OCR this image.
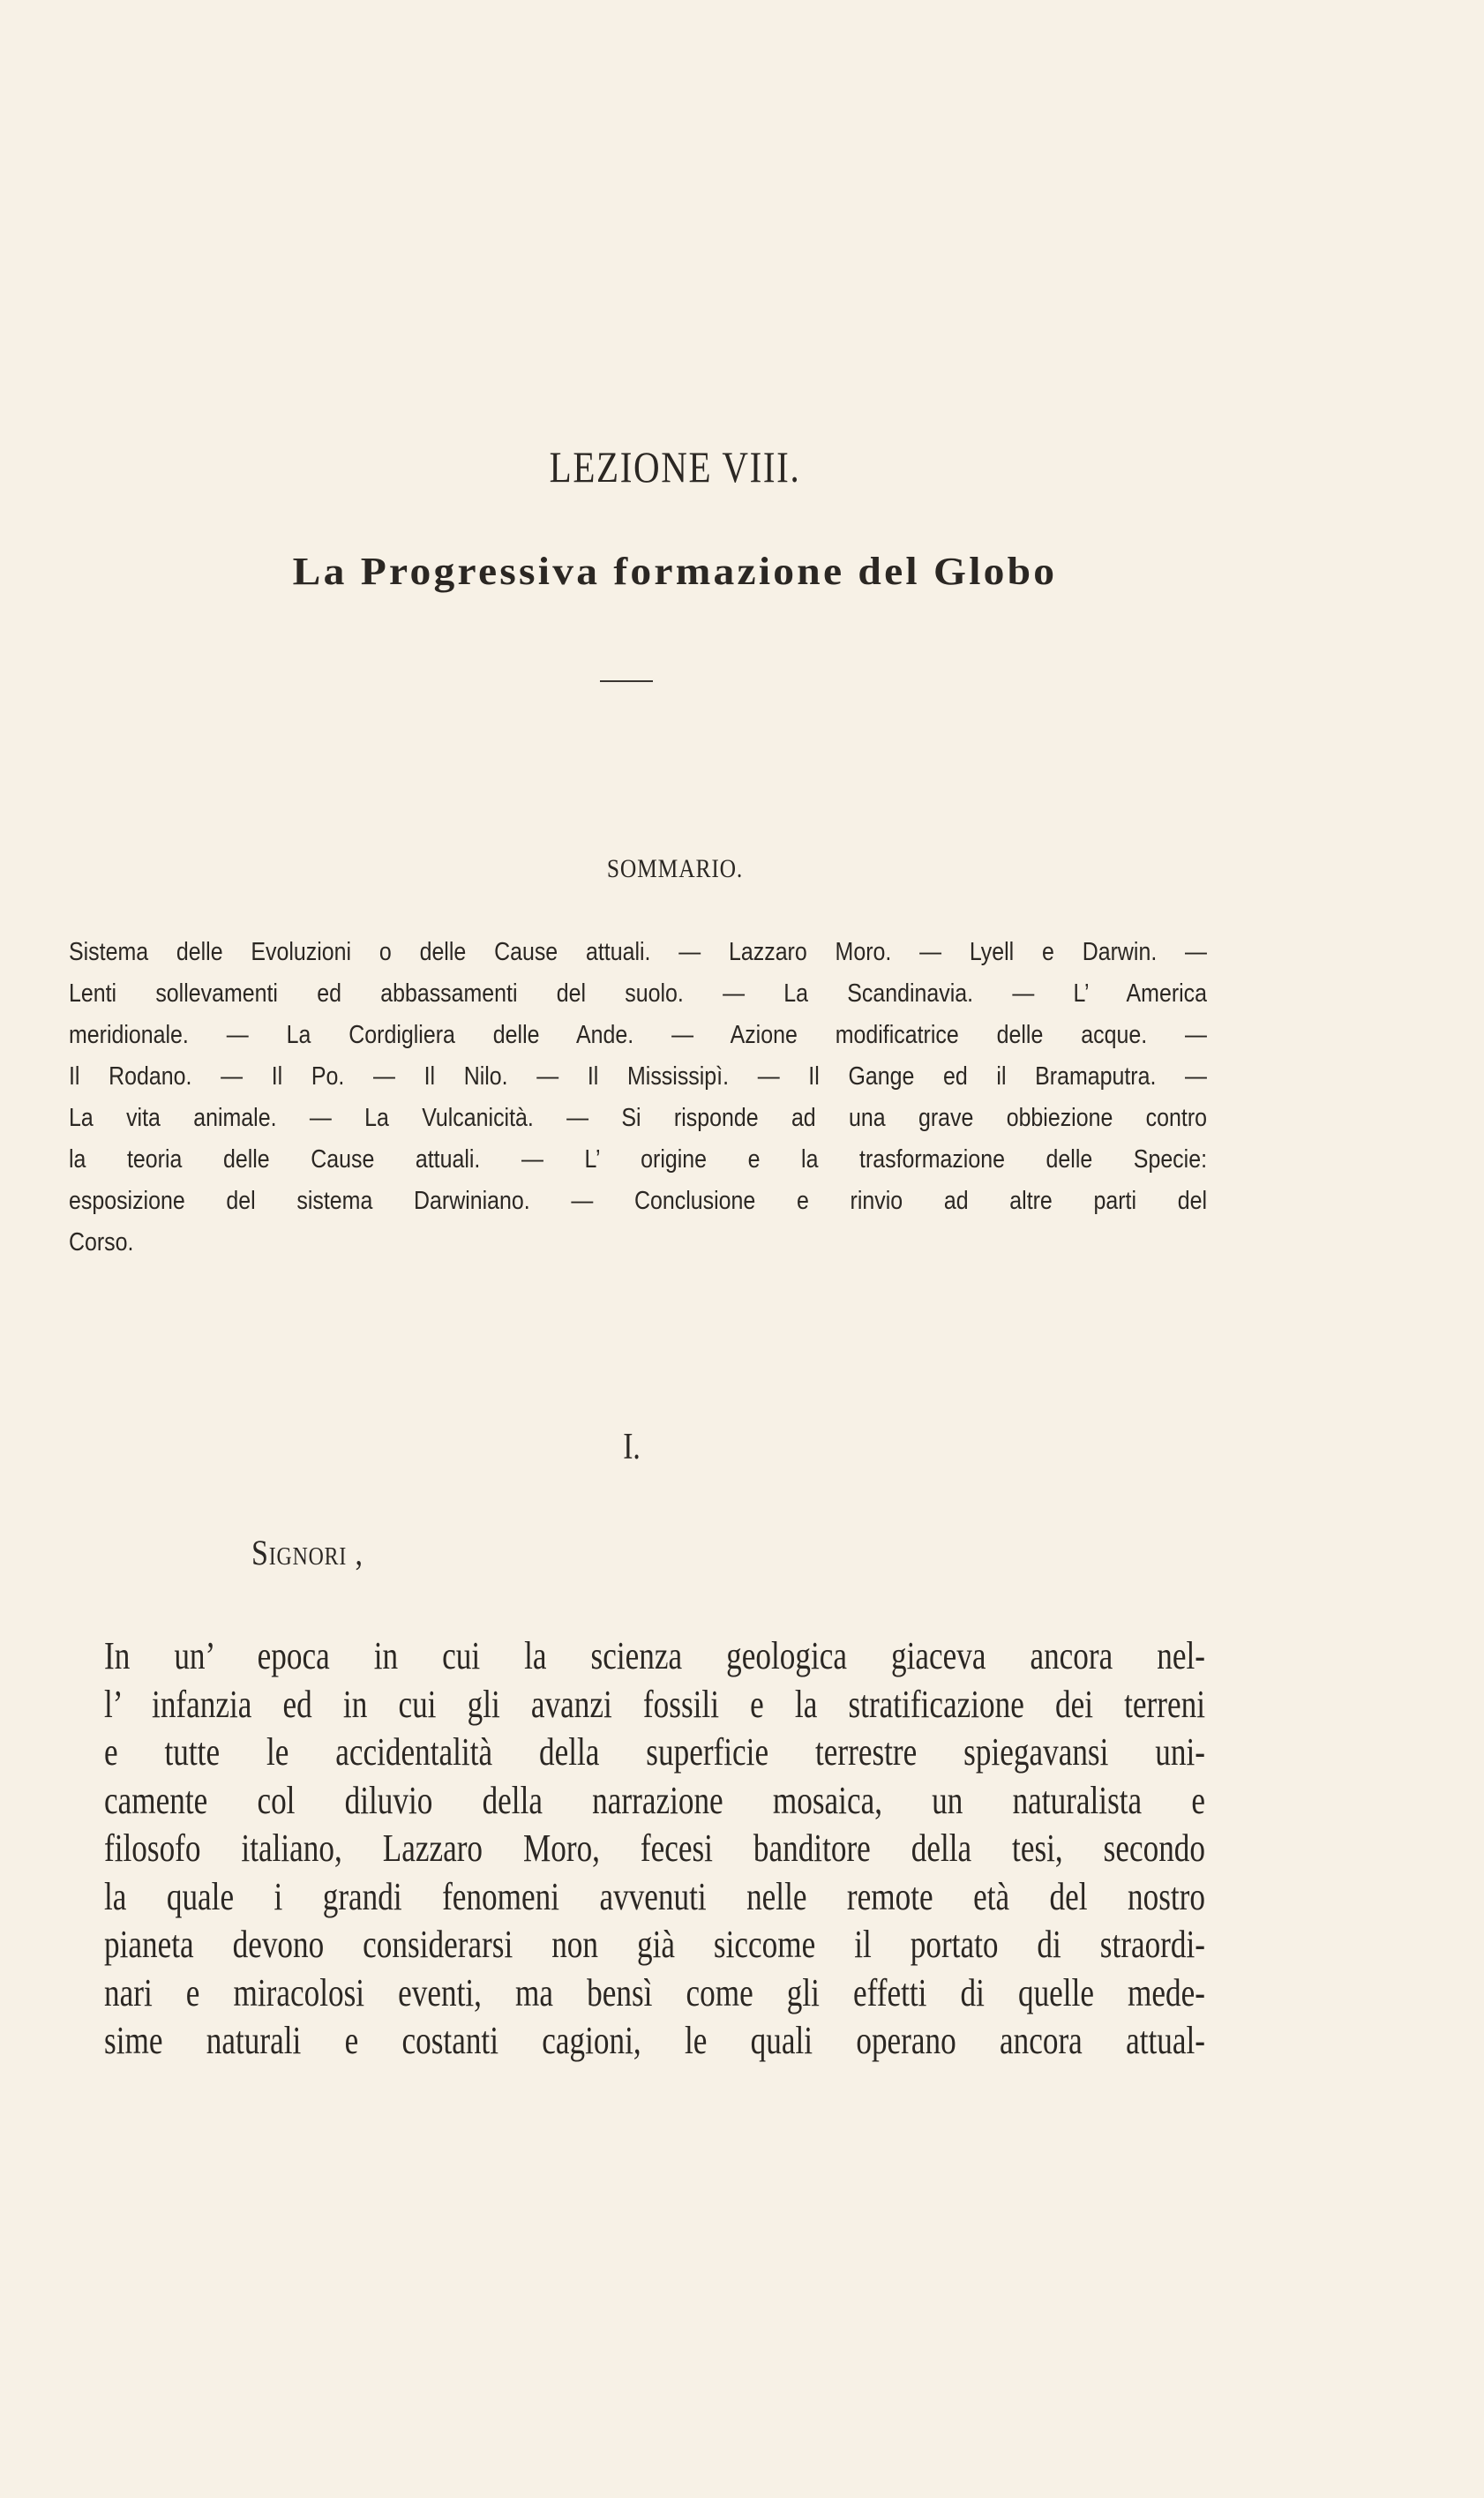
LEZIONE VIII.
La Progressiva formazione del Globo
SOMMARIO.
Sistema delle Evoluzioni o delle Cause attuali. — Lazzaro Moro. — Lyell e Darwin. —
Lenti sollevamenti ed abbassamenti del suolo. — La Scandinavia. — L’ America
meridionale. — La Cordigliera delle Ande. — Azione modificatrice delle acque. —
Il Rodano. — Il Po. — Il Nilo. — Il Mississipì. — Il Gange ed il Bramaputra. —
La vita animale. — La Vulcanicità. — Si risponde ad una grave obbiezione contro
la teoria delle Cause attuali. — L’ origine e la trasformazione delle Specie:
esposizione del sistema Darwiniano. — Conclusione e rinvio ad altre parti del
Corso.
I.
Signori ,
In un’ epoca in cui la scienza geologica giaceva ancora nel-
l’ infanzia ed in cui gli avanzi fossili e la stratificazione dei terreni
e tutte le accidentalità della superficie terrestre spiegavansi uni-
camente col diluvio della narrazione mosaica, un naturalista e
filosofo italiano, Lazzaro Moro, fecesi banditore della tesi, secondo
la quale i grandi fenomeni avvenuti nelle remote età del nostro
pianeta devono considerarsi non già siccome il portato di straordi-
nari e miracolosi eventi, ma bensì come gli effetti di quelle mede-
sime naturali e costanti cagioni, le quali operano ancora attual-
